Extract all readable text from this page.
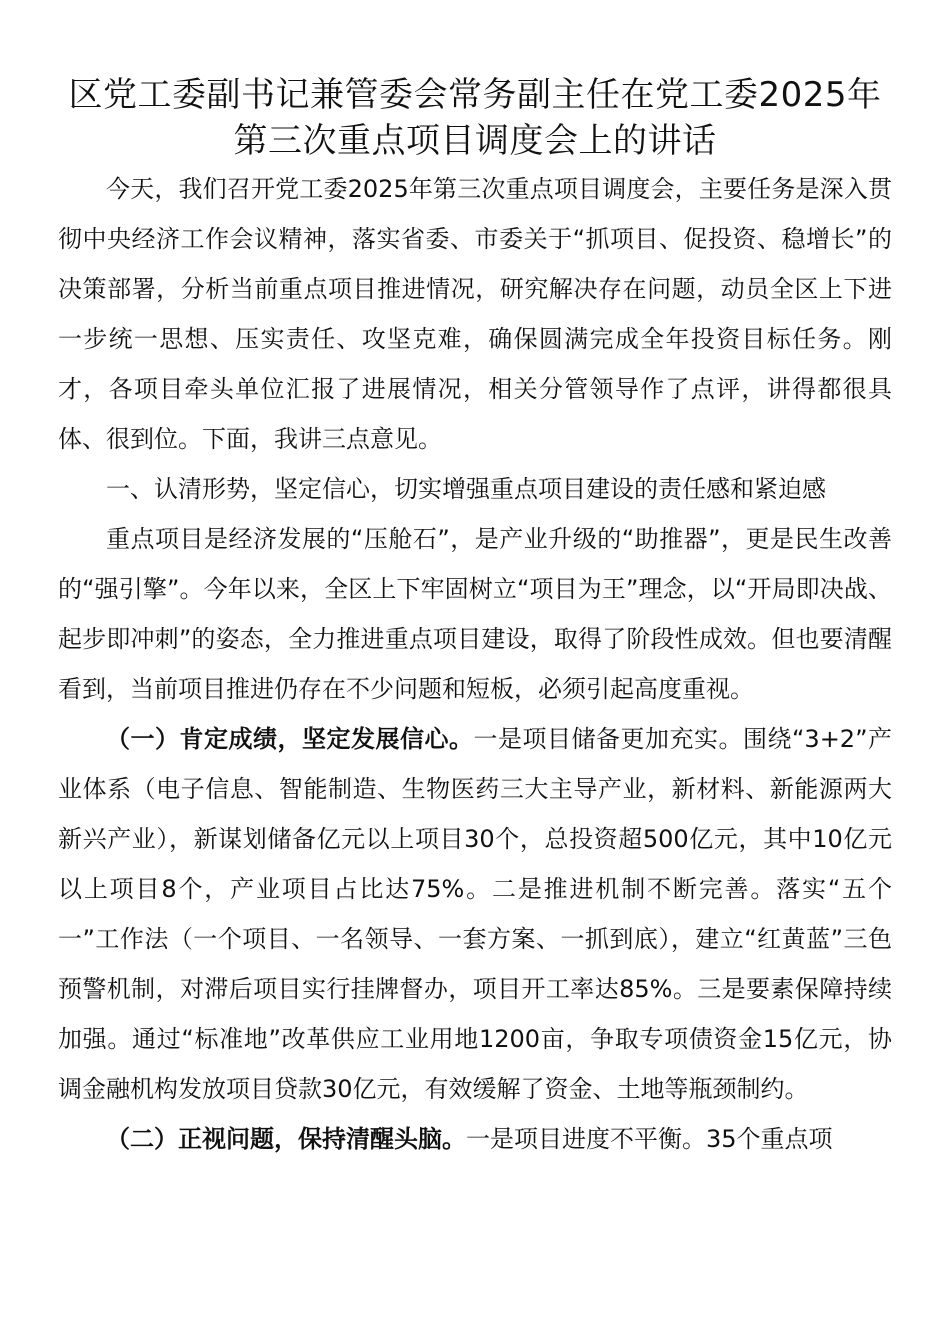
区党工委副书记兼管委会常务副主任在党工委2025年第三次重点项目调度会上的讲话

今天，我们召开党工委2025年第三次重点项目调度会，主要任务是深入贯彻中央经济工作会议精神，落实省委、市委关于“抓项目、促投资、稳增长”的决策部署，分析当前重点项目推进情况，研究解决存在问题，动员全区上下进一步统一思想、压实责任、攻坚克难，确保圆满完成全年投资目标任务。刚才，各项目牵头单位汇报了进展情况，相关分管领导作了点评，讲得都很具体、很到位。下面，我讲三点意见。

一、认清形势，坚定信心，切实增强重点项目建设的责任感和紧迫感

重点项目是经济发展的“压舱石”，是产业升级的“助推器”，更是民生改善的“强引擎”。今年以来，全区上下牢固树立“项目为王”理念，以“开局即决战、起步即冲刺”的姿态，全力推进重点项目建设，取得了阶段性成效。但也要清醒看到，当前项目推进仍存在不少问题和短板，必须引起高度重视。

（一）肯定成绩，坚定发展信心。一是项目储备更加充实。围绕“3+2”产业体系（电子信息、智能制造、生物医药三大主导产业，新材料、新能源两大新兴产业），新谋划储备亿元以上项目30个，总投资超500亿元，其中10亿元以上项目8个，产业项目占比达75%。二是推进机制不断完善。落实“五个一”工作法（一个项目、一名领导、一套方案、一抓到底），建立“红黄蓝”三色预警机制，对滞后项目实行挂牌督办，项目开工率达85%。三是要素保障持续加强。通过“标准地”改革供应工业用地1200亩，争取专项债资金15亿元，协调金融机构发放项目贷款30亿元，有效缓解了资金、土地等瓶颈制约。

（二）正视问题，保持清醒头脑。一是项目进度不平衡。35个重点项
